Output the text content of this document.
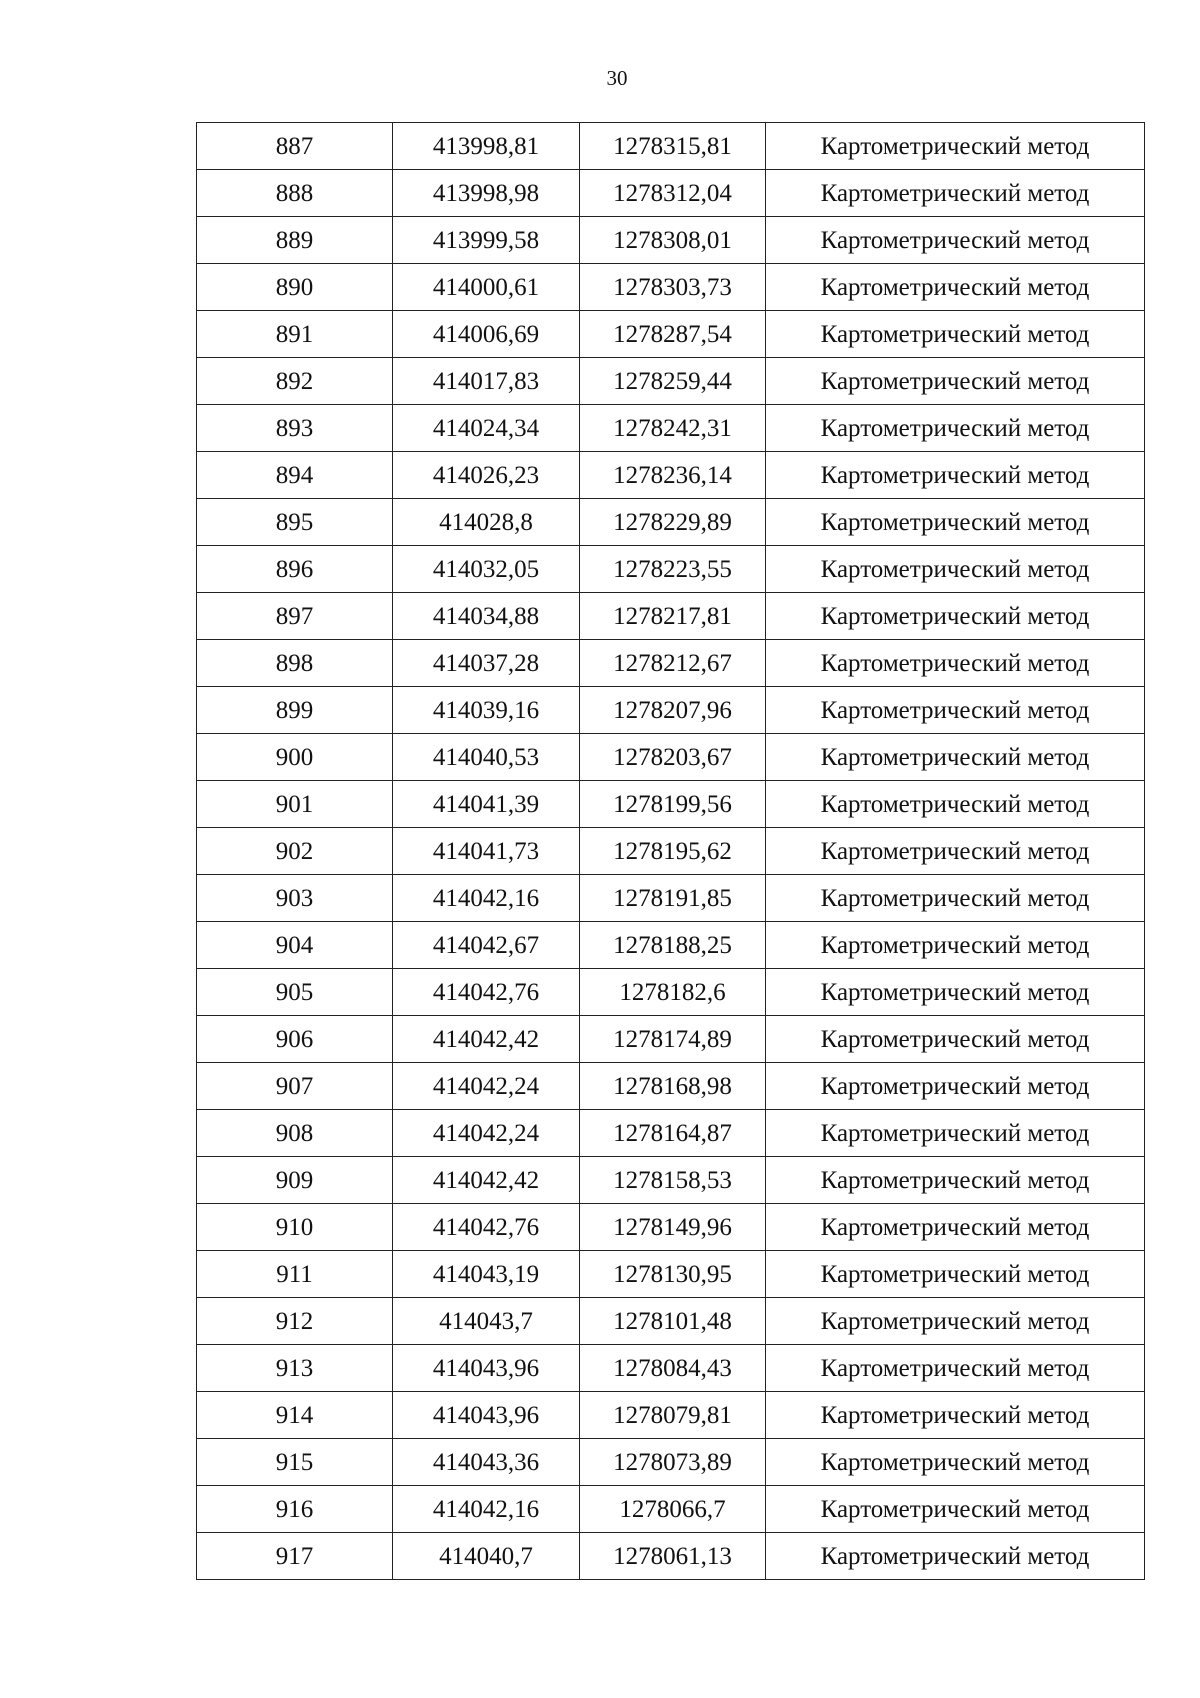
30
887	413998,81	1278315,81	Картометрический метод
888	413998,98	1278312,04	Картометрический метод
889	413999,58	1278308,01	Картометрический метод
890	414000,61	1278303,73	Картометрический метод
891	414006,69	1278287,54	Картометрический метод
892	414017,83	1278259,44	Картометрический метод
893	414024,34	1278242,31	Картометрический метод
894	414026,23	1278236,14	Картометрический метод
895	414028,8	1278229,89	Картометрический метод
896	414032,05	1278223,55	Картометрический метод
897	414034,88	1278217,81	Картометрический метод
898	414037,28	1278212,67	Картометрический метод
899	414039,16	1278207,96	Картометрический метод
900	414040,53	1278203,67	Картометрический метод
901	414041,39	1278199,56	Картометрический метод
902	414041,73	1278195,62	Картометрический метод
903	414042,16	1278191,85	Картометрический метод
904	414042,67	1278188,25	Картометрический метод
905	414042,76	1278182,6	Картометрический метод
906	414042,42	1278174,89	Картометрический метод
907	414042,24	1278168,98	Картометрический метод
908	414042,24	1278164,87	Картометрический метод
909	414042,42	1278158,53	Картометрический метод
910	414042,76	1278149,96	Картометрический метод
911	414043,19	1278130,95	Картометрический метод
912	414043,7	1278101,48	Картометрический метод
913	414043,96	1278084,43	Картометрический метод
914	414043,96	1278079,81	Картометрический метод
915	414043,36	1278073,89	Картометрический метод
916	414042,16	1278066,7	Картометрический метод
917	414040,7	1278061,13	Картометрический метод
